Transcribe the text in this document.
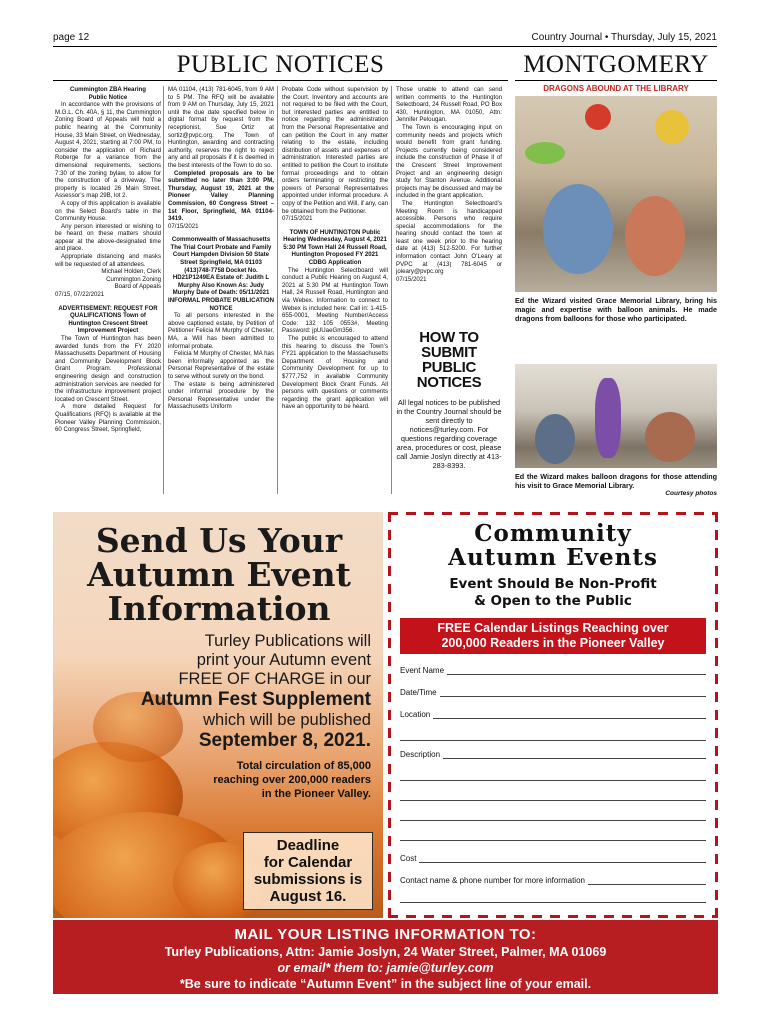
page 12	Country Journal • Thursday, July 15, 2021
PUBLIC NOTICES	MONTGOMERY

Cummington ZBA Hearing

Public Notice

In accordance with the provisions of M.G.L. Ch. 40A, § 11, the Cummington Zoning Board of Appeals will hold a public hearing at the Community House, 33 Main Street, on Wednesday, August 4, 2021, starting at 7:00 PM, to consider the application of Richard Roberge for a variance from the dimensional requirements, sections 7:30 of the zoning bylaw, to allow for the construction of a driveway. The property is located 26 Main Street, Assessor’s map 29B, lot 2.

A copy of this application is available on the Select Board’s table in the Community House.

Any person interested or wishing to be heard on these matters should appear at the above-designated time and place.

Appropriate distancing and masks will be requested of all attendees.

Michael Holden, Clerk

Cummington Zoning

Board of Appeals

07/15, 07/22/2021

ADVERTISEMENT: REQUEST FOR QUALIFICATIONS Town of Huntington Crescent Street Improvement Project

The Town of Huntington has been awarded funds from the FY 2020 Massachusetts Department of Housing and Community Development Block Grant Program. Professional engineering design and construction administration services are needed for the infrastructure improvement project located on Crescent Street.

A more detailed Request for Qualifications (RFQ) is available at the Pioneer Valley Planning Commission, 60 Congress Street, Springfield,

MA 01104, (413) 781-6045, from 9 AM to 5 PM. The RFQ will be available from 9 AM on Thursday, July 15, 2021 until the due date specified below in digital format by request from the receptionist, Sue Ortiz at sortiz@pvpc.org. The Town of Huntington, awarding and contracting authority, reserves the right to reject any and all proposals if it is deemed in the best interests of the Town to do so.

Completed proposals are to be submitted no later than 3:00 PM, Thursday, August 19, 2021 at the Pioneer Valley Planning Commission, 60 Congress Street – 1st Floor, Springfield, MA 01104-3419.

07/15/2021

Commonwealth of Massachusetts The Trial Court Probate and Family Court Hampden Division 50 State Street Springfield, MA 01103 (413)748-7758 Docket No. HD21P1249EA Estate of: Judith L Murphy Also Known As: Judy Murphy Date of Death: 05/11/2021 INFORMAL PROBATE PUBLICATION NOTICE

To all persons interested in the above captioned estate, by Petition of Petitioner Felicia M Murphy of Chester, MA, a Will has been admitted to informal probate.

Felicia M Murphy of Chester, MA has been informally appointed as the Personal Representative of the estate to serve without surety on the bond.

The estate is being administered under informal procedure by the Personal Representative under the Massachusetts Uniform

Probate Code without supervision by the Court. Inventory and accounts are not required to be filed with the Court, but interested parties are entitled to notice regarding the administration from the Personal Representative and can petition the Court in any matter relating to the estate, including distribution of assets and expenses of administration. Interested parties are entitled to petition the Court to institute formal proceedings and to obtain orders terminating or restricting the powers of Personal Representatives appointed under informal procedure. A copy of the Petition and Will, if any, can be obtained from the Petitioner.

07/15/2021

TOWN OF HUNTINGTON Public Hearing Wednesday, August 4, 2021 5:30 PM Town Hall 24 Russell Road, Huntington Proposed FY 2021 CDBG Application

The Huntington Selectboard will conduct a Public Hearing on August 4, 2021 at 5:30 PM at Huntington Town Hall, 24 Russell Road, Huntington and via Webex. Information to connect to Webex is included here: Call in: 1-415-655-0001, Meeting Number/Access Code: 132 105 0553#, Meeting Password: jpUUaeGm356.

The public is encouraged to attend this hearing to discuss the Town’s FY21 application to the Massachusetts Department of Housing and Community Development for up to $777,752 in available Community Development Block Grant Funds. All persons with questions or comments regarding the grant application will have an opportunity to be heard.

Those unable to attend can send written comments to the Huntington Selectboard, 24 Russell Road, PO Box 430, Huntington, MA 01050, Attn: Jennifer Pelougan.

The Town is encouraging input on community needs and projects which would benefit from grant funding. Projects currently being considered include the construction of Phase II of the Crescent Street Improvement Project and an engineering design study for Stanton Avenue. Additional projects may be discussed and may be included in the grant application.

The Huntington Selectboard’s Meeting Room is handicapped accessible. Persons who require special accommodations for the hearing should contact the town at least one week prior to the hearing date at (413) 512-5200. For further information contact John O’Leary at PVPC at (413) 781-6045 or joleary@pvpc.org

07/15/2021

HOW TO
SUBMIT
PUBLIC
NOTICES
All legal notices to be published in the Country Journal should be sent directly to notices@turley.com. For questions regarding coverage area, procedures or cost, please call Jamie Joslyn directly at 413-283-8393.
DRAGONS ABOUND AT THE LIBRARY
Ed the Wizard visited Grace Memorial Library, bring his magic and expertise with balloon animals. He made dragons from balloons for those who participated.
Ed the Wizard makes balloon dragons for those attending his visit to Grace Memorial Library.
Courtesy photos
Send Us Your
Autumn Event
Information
Turley Publications will
print your Autumn event
FREE OF CHARGE in our
Autumn Fest Supplement
which will be published
September 8, 2021.
Total circulation of 85,000
reaching over 200,000 readers
in the Pioneer Valley.
Deadline
for Calendar
submissions is
August 16.
Community
Autumn Events
Event Should Be Non-Profit
& Open to the Public
FREE Calendar Listings Reaching over
200,000 Readers in the Pioneer Valley
Event Name
Date/Time
Location
Description
Cost
Contact name & phone number for more information
MAIL YOUR LISTING INFORMATION TO:
Turley Publications, Attn: Jamie Joslyn, 24 Water Street, Palmer, MA 01069
or email* them to: jamie@turley.com
*Be sure to indicate “Autumn Event” in the subject line of your email.
